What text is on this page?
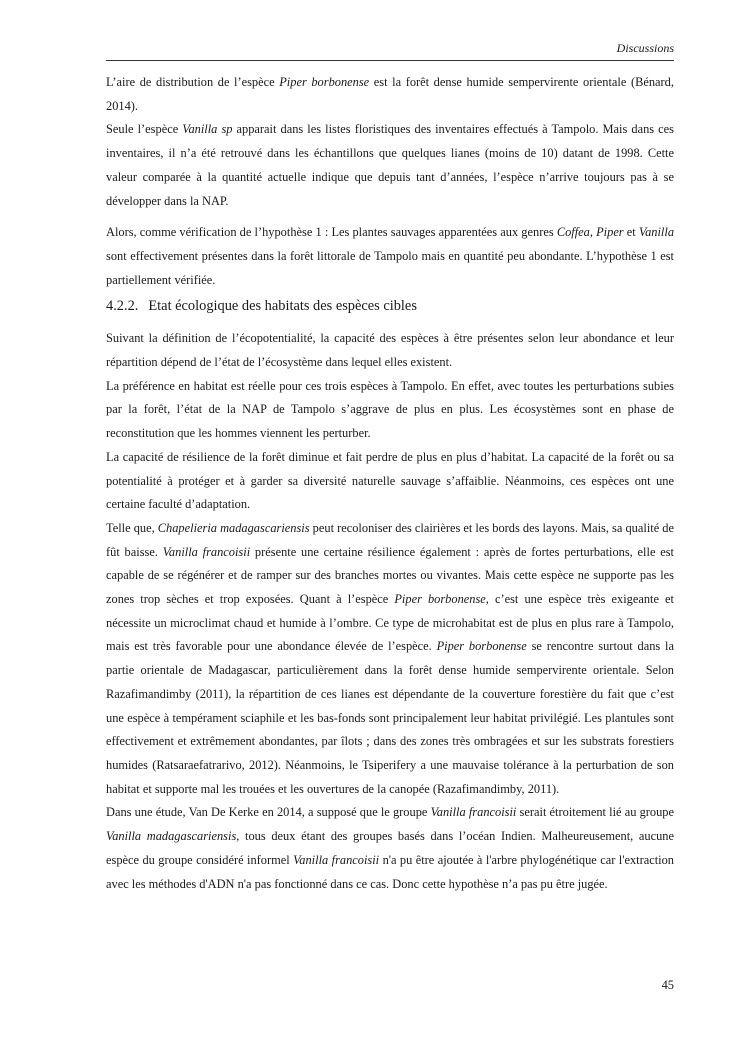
Discussions

L’aire de distribution de l’espèce Piper borbonense est la forêt dense humide sempervirente orientale (Bénard, 2014).

Seule l’espèce Vanilla sp apparait dans les listes floristiques des inventaires effectués à Tampolo. Mais dans ces inventaires, il n’a été retrouvé dans les échantillons que quelques lianes (moins de 10) datant de 1998. Cette valeur comparée à la quantité actuelle indique que depuis tant d’années, l’espèce n’arrive toujours pas à se développer dans la NAP.

Alors, comme vérification de l’hypothèse 1 : Les plantes sauvages apparentées aux genres Coffea, Piper et Vanilla sont effectivement présentes dans la forêt littorale de Tampolo mais en quantité peu abondante. L’hypothèse 1 est partiellement vérifiée.

4.2.2. Etat écologique des habitats des espèces cibles

Suivant la définition de l’écopotentialité, la capacité des espèces à être présentes selon leur abondance et leur répartition dépend de l’état de l’écosystème dans lequel elles existent.

La préférence en habitat est réelle pour ces trois espèces à Tampolo. En effet, avec toutes les perturbations subies par la forêt, l’état de la NAP de Tampolo s’aggrave de plus en plus. Les écosystèmes sont en phase de reconstitution que les hommes viennent les perturber.

La capacité de résilience de la forêt diminue et fait perdre de plus en plus d’habitat. La capacité de la forêt ou sa potentialité à protéger et à garder sa diversité naturelle sauvage s’affaiblie. Néanmoins, ces espèces ont une certaine faculté d’adaptation.

Telle que, Chapelieria madagascariensis peut recoloniser des clairières et les bords des layons. Mais, sa qualité de fût baisse. Vanilla francoisii présente une certaine résilience également : après de fortes perturbations, elle est capable de se régénérer et de ramper sur des branches mortes ou vivantes. Mais cette espèce ne supporte pas les zones trop sèches et trop exposées. Quant à l’espèce Piper borbonense, c’est une espèce très exigeante et nécessite un microclimat chaud et humide à l’ombre. Ce type de microhabitat est de plus en plus rare à Tampolo, mais est très favorable pour une abondance élevée de l’espèce. Piper borbonense se rencontre surtout dans la partie orientale de Madagascar, particulièrement dans la forêt dense humide sempervirente orientale. Selon Razafimandimby (2011), la répartition de ces lianes est dépendante de la couverture forestière du fait que c’est une espèce à tempérament sciaphile et les bas-fonds sont principalement leur habitat privilégié. Les plantules sont effectivement et extrêmement abondantes, par îlots ; dans des zones très ombragées et sur les substrats forestiers humides (Ratsaraefatrarivo, 2012). Néanmoins, le Tsiperifery a une mauvaise tolérance à la perturbation de son habitat et supporte mal les trouées et les ouvertures de la canopée (Razafimandimby, 2011).

Dans une étude, Van De Kerke en 2014, a supposé que le groupe Vanilla francoisii serait étroitement lié au groupe Vanilla madagascariensis, tous deux étant des groupes basés dans l’océan Indien. Malheureusement, aucune espèce du groupe considéré informel Vanilla francoisii n'a pu être ajoutée à l'arbre phylogénétique car l'extraction avec les méthodes d'ADN n'a pas fonctionné dans ce cas. Donc cette hypothèse n’a pas pu être jugée.

45
